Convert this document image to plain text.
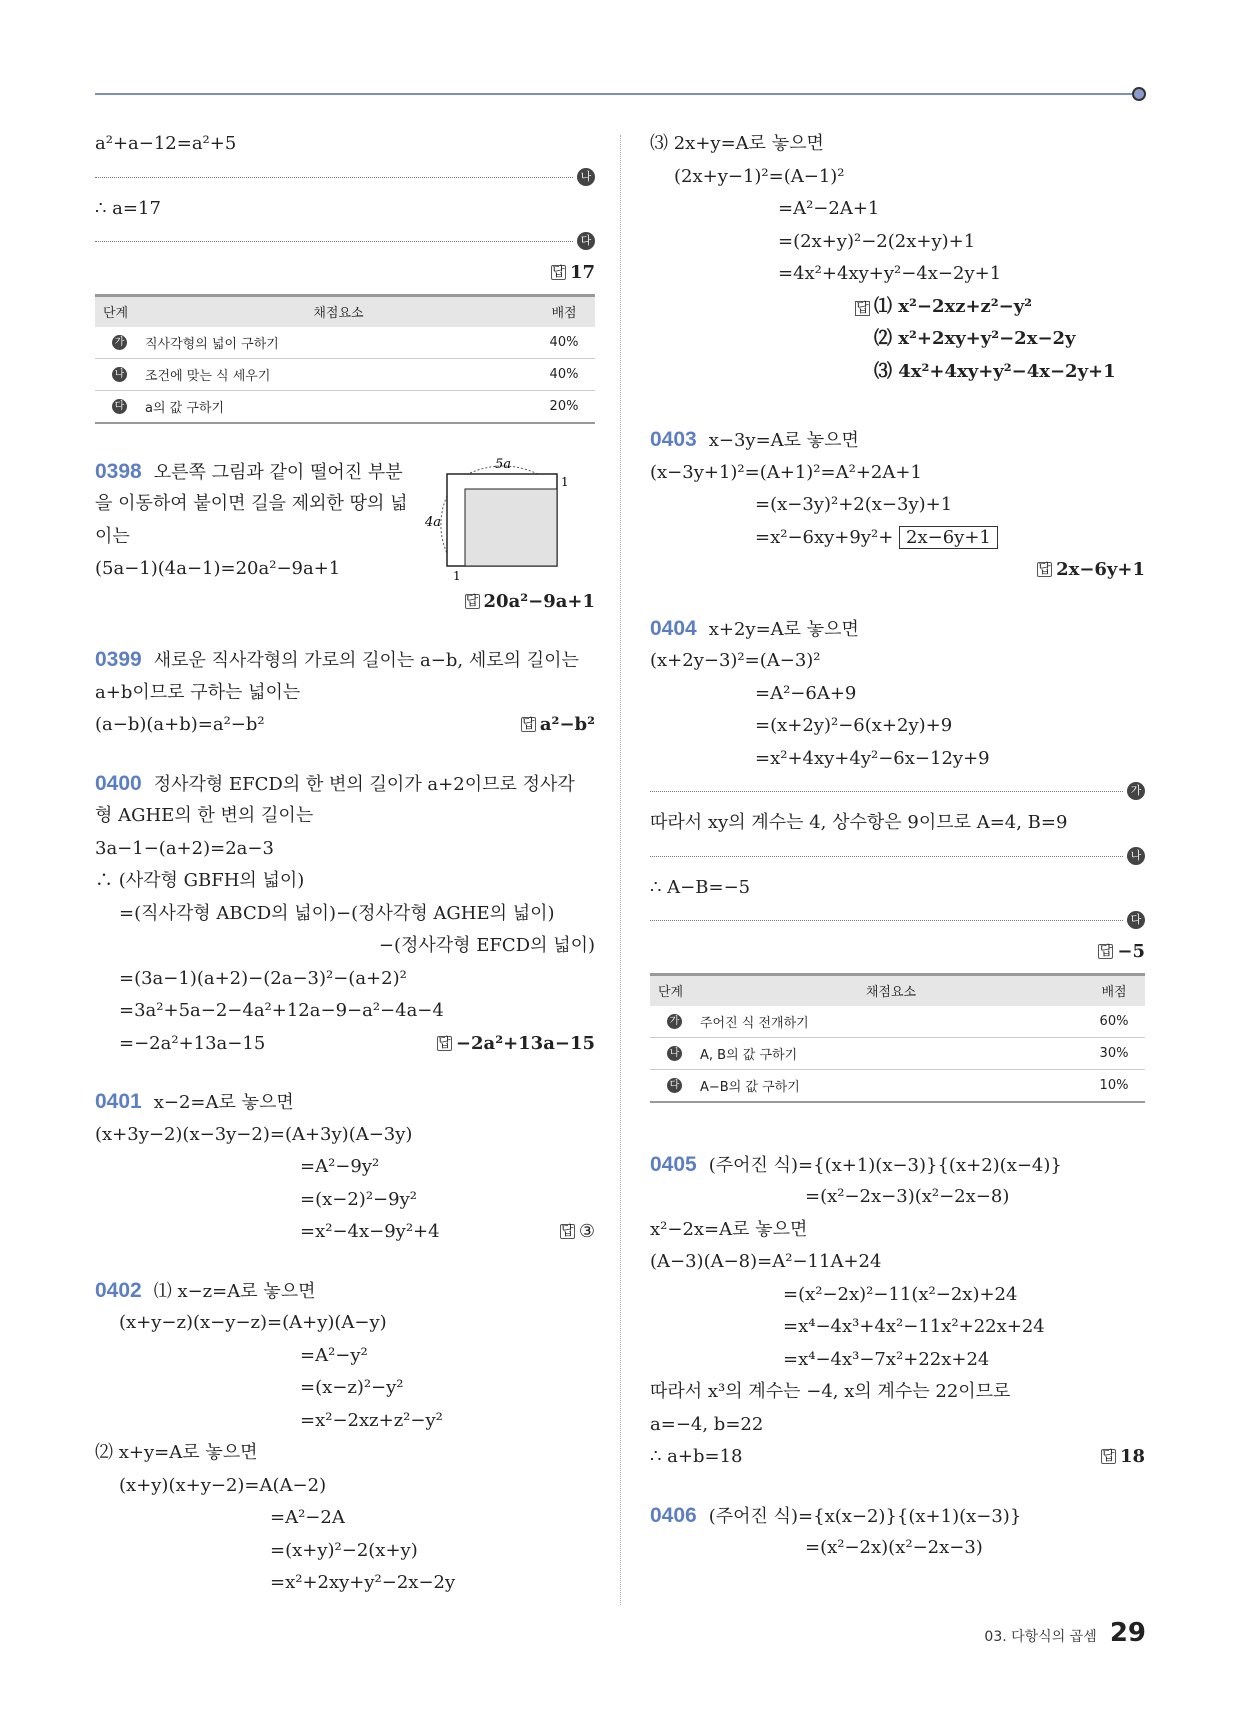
a²+a−12=a²+5
나
∴ a=17
다
답 17
단계	채점요소	배점
가	직사각형의 넓이 구하기	40%
나	조건에 맞는 식 세우기	40%
다	a의 값 구하기	20%
0398 오른쪽 그림과 같이 떨어진 부분
을 이동하여 붙이면 길을 제외한 땅의 넓
이는
(5a−1)(4a−1)=20a²−9a+1
답 20a²−9a+1
5a
4a
1
1
0399 새로운 직사각형의 가로의 길이는 a−b, 세로의 길이는
a+b이므로 구하는 넓이는
(a−b)(a+b)=a²−b²	답 a²−b²
0400 정사각형 EFCD의 한 변의 길이가 a+2이므로 정사각
형 AGHE의 한 변의 길이는
3a−1−(a+2)=2a−3
∴ (사각형 GBFH의 넓이)
=(직사각형 ABCD의 넓이)−(정사각형 AGHE의 넓이)
−(정사각형 EFCD의 넓이)
=(3a−1)(a+2)−(2a−3)²−(a+2)²
=3a²+5a−2−4a²+12a−9−a²−4a−4
=−2a²+13a−15	답 −2a²+13a−15
0401 x−2=A로 놓으면
(x+3y−2)(x−3y−2)=(A+3y)(A−3y)
=A²−9y²
=(x−2)²−9y²
=x²−4x−9y²+4	답 ③
0402 ⑴ x−z=A로 놓으면
(x+y−z)(x−y−z)=(A+y)(A−y)
=A²−y²
=(x−z)²−y²
=x²−2xz+z²−y²
⑵ x+y=A로 놓으면
(x+y)(x+y−2)=A(A−2)
=A²−2A
=(x+y)²−2(x+y)
=x²+2xy+y²−2x−2y
⑶ 2x+y=A로 놓으면
(2x+y−1)²=(A−1)²
=A²−2A+1
=(2x+y)²−2(2x+y)+1
=4x²+4xy+y²−4x−2y+1
답 ⑴ x²−2xz+z²−y²
⑵ x²+2xy+y²−2x−2y
⑶ 4x²+4xy+y²−4x−2y+1
0403 x−3y=A로 놓으면
(x−3y+1)²=(A+1)²=A²+2A+1
=(x−3y)²+2(x−3y)+1
=x²−6xy+9y²+ 2x−6y+1
답 2x−6y+1
0404 x+2y=A로 놓으면
(x+2y−3)²=(A−3)²
=A²−6A+9
=(x+2y)²−6(x+2y)+9
=x²+4xy+4y²−6x−12y+9
가
따라서 xy의 계수는 4, 상수항은 9이므로 A=4, B=9
나
∴ A−B=−5
다
답 −5
단계	채점요소	배점
가	주어진 식 전개하기	60%
나	A, B의 값 구하기	30%
다	A−B의 값 구하기	10%
0405 (주어진 식)={(x+1)(x−3)}{(x+2)(x−4)}
=(x²−2x−3)(x²−2x−8)
x²−2x=A로 놓으면
(A−3)(A−8)=A²−11A+24
=(x²−2x)²−11(x²−2x)+24
=x⁴−4x³+4x²−11x²+22x+24
=x⁴−4x³−7x²+22x+24
따라서 x³의 계수는 −4, x의 계수는 22이므로
a=−4, b=22
∴ a+b=18	답 18
0406 (주어진 식)={x(x−2)}{(x+1)(x−3)}
=(x²−2x)(x²−2x−3)
03. 다항식의 곱셈 29
